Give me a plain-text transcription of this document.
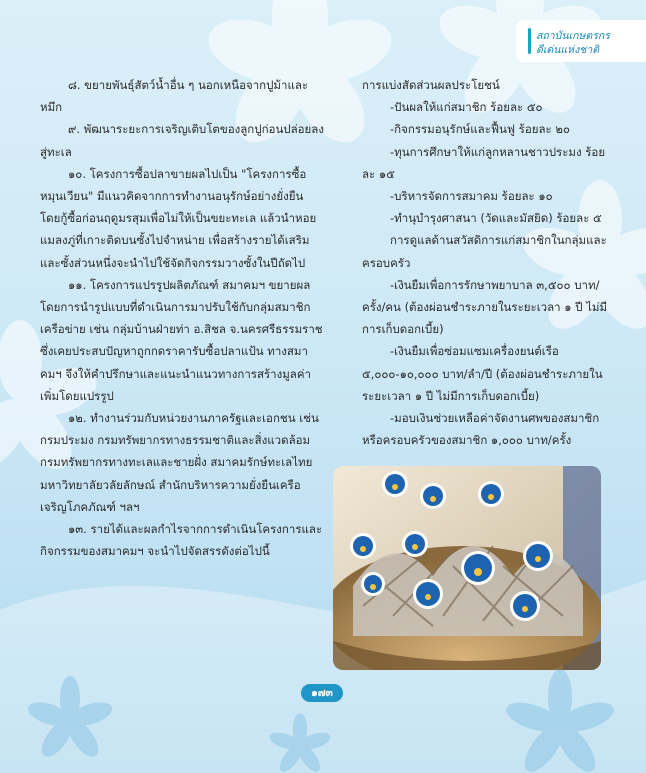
สถาบันเกษตรกร
ดีเด่นแห่งชาติ

๘. ขยายพันธุ์สัตว์น้ำอื่น ๆ นอกเหนือจากปูม้าและหมึก

๙. พัฒนาระยะการเจริญเติบโตของลูกปูก่อนปล่อยลงสู่ทะเล

๑๐. โครงการซื้อปลาขายผลไปเป็น "โครงการซื้อหมุนเวียน" มีแนวคิดจากการทำงานอนุรักษ์อย่างยั่งยืน โดยกู้ซื้อก่อนฤดูมรสุมเพื่อไม่ให้เป็นขยะทะเล แล้วนำหอยแมลงภู่ที่เกาะติดบนซั้งไปจำหน่าย เพื่อสร้างรายได้เสริม และซั้งส่วนหนึ่งจะนำไปใช้จัดกิจกรรมวางซั้งในปีถัดไป

๑๑. โครงการแปรรูปผลิตภัณฑ์ สมาคมฯ ขยายผลโดยการนำรูปแบบที่ดำเนินการมาปรับใช้กับกลุ่มสมาชิกเครือข่าย เช่น กลุ่มบ้านฝ่ายท่า อ.สิชล จ.นครศรีธรรมราช ซึ่งเคยประสบปัญหาถูกกดราคารับซื้อปลาแป้น ทางสมาคมฯ จึงให้คำปรึกษาและแนะนำแนวทางการสร้างมูลค่าเพิ่มโดยแปรรูป

๑๒. ทำงานร่วมกับหน่วยงานภาครัฐและเอกชน เช่น กรมประมง กรมทรัพยากรทางธรรมชาติและสิ่งแวดล้อม กรมทรัพยากรทางทะเลและชายฝั่ง สมาคมรักษ์ทะเลไทย มหาวิทยาลัยวลัยลักษณ์ สำนักบริหารความยั่งยืนเครือเจริญโภคภัณฑ์ ฯลฯ

๑๓. รายได้และผลกำไรจากการดำเนินโครงการและกิจกรรมของสมาคมฯ จะนำไปจัดสรรดังต่อไปนี้

การแบ่งสัดส่วนผลประโยชน์

-ปันผลให้แก่สมาชิก ร้อยละ ๕๐

-กิจกรรมอนุรักษ์และฟื้นฟู ร้อยละ ๒๐

-ทุนการศึกษาให้แก่ลูกหลานชาวประมง ร้อยละ ๑๕

-บริหารจัดการสมาคม ร้อยละ ๑๐

-ทำนุบำรุงศาสนา (วัดและมัสยิด) ร้อยละ ๕

การดูแลด้านสวัสดิการแก่สมาชิกในกลุ่มและครอบครัว

-เงินยืมเพื่อการรักษาพยาบาล ๓,๕๐๐ บาท/ครั้ง/คน (ต้องผ่อนชำระภายในระยะเวลา ๑ ปี ไม่มีการเก็บดอกเบี้ย)

-เงินยืมเพื่อซ่อมแซมเครื่องยนต์เรือ ๕,๐๐๐-๑๐,๐๐๐ บาท/ลำ/ปี (ต้องผ่อนชำระภายใน ระยะเวลา ๑ ปี ไม่มีการเก็บดอกเบี้ย)

-มอบเงินช่วยเหลือค่าจัดงานศพของสมาชิกหรือครอบครัวของสมาชิก ๑,๐๐๐ บาท/ครั้ง

๑๗๓
